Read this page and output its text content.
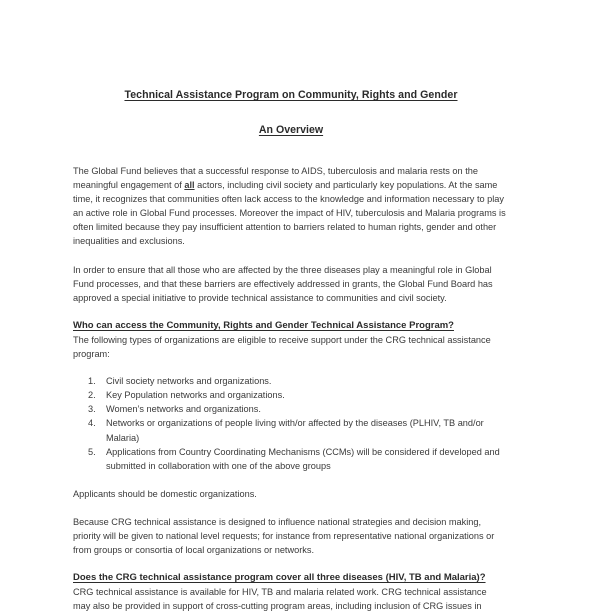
Technical Assistance Program on Community, Rights and Gender
An Overview

The Global Fund believes that a successful response to AIDS, tuberculosis and malaria rests on the meaningful engagement of all actors, including civil society and particularly key populations. At the same time, it recognizes that communities often lack access to the knowledge and information necessary to play an active role in Global Fund processes. Moreover the impact of HIV, tuberculosis and Malaria programs is often limited because they pay insufficient attention to barriers related to human rights, gender and other inequalities and exclusions.

In order to ensure that all those who are affected by the three diseases play a meaningful role in Global Fund processes, and that these barriers are effectively addressed in grants, the Global Fund Board has approved a special initiative to provide technical assistance to communities and civil society.

Who can access the Community, Rights and Gender Technical Assistance Program?

The following types of organizations are eligible to receive support under the CRG technical assistance program:

1.	Civil society networks and organizations.
2.	Key Population networks and organizations.
3.	Women’s networks and organizations.
4.	Networks or organizations of people living with/or affected by the diseases (PLHIV, TB and/or Malaria)
5.	Applications from Country Coordinating Mechanisms (CCMs) will be considered if developed and submitted in collaboration with one of the above groups

Applicants should be domestic organizations.

Because CRG technical assistance is designed to influence national strategies and decision making, priority will be given to national level requests; for instance from representative national organizations or from groups or consortia of local organizations or networks.

Does the CRG technical assistance program cover all three diseases (HIV, TB and Malaria)?

CRG technical assistance is available for HIV, TB and malaria related work. CRG technical assistance

may also be provided in support of cross-cutting program areas, including inclusion of CRG issues in
